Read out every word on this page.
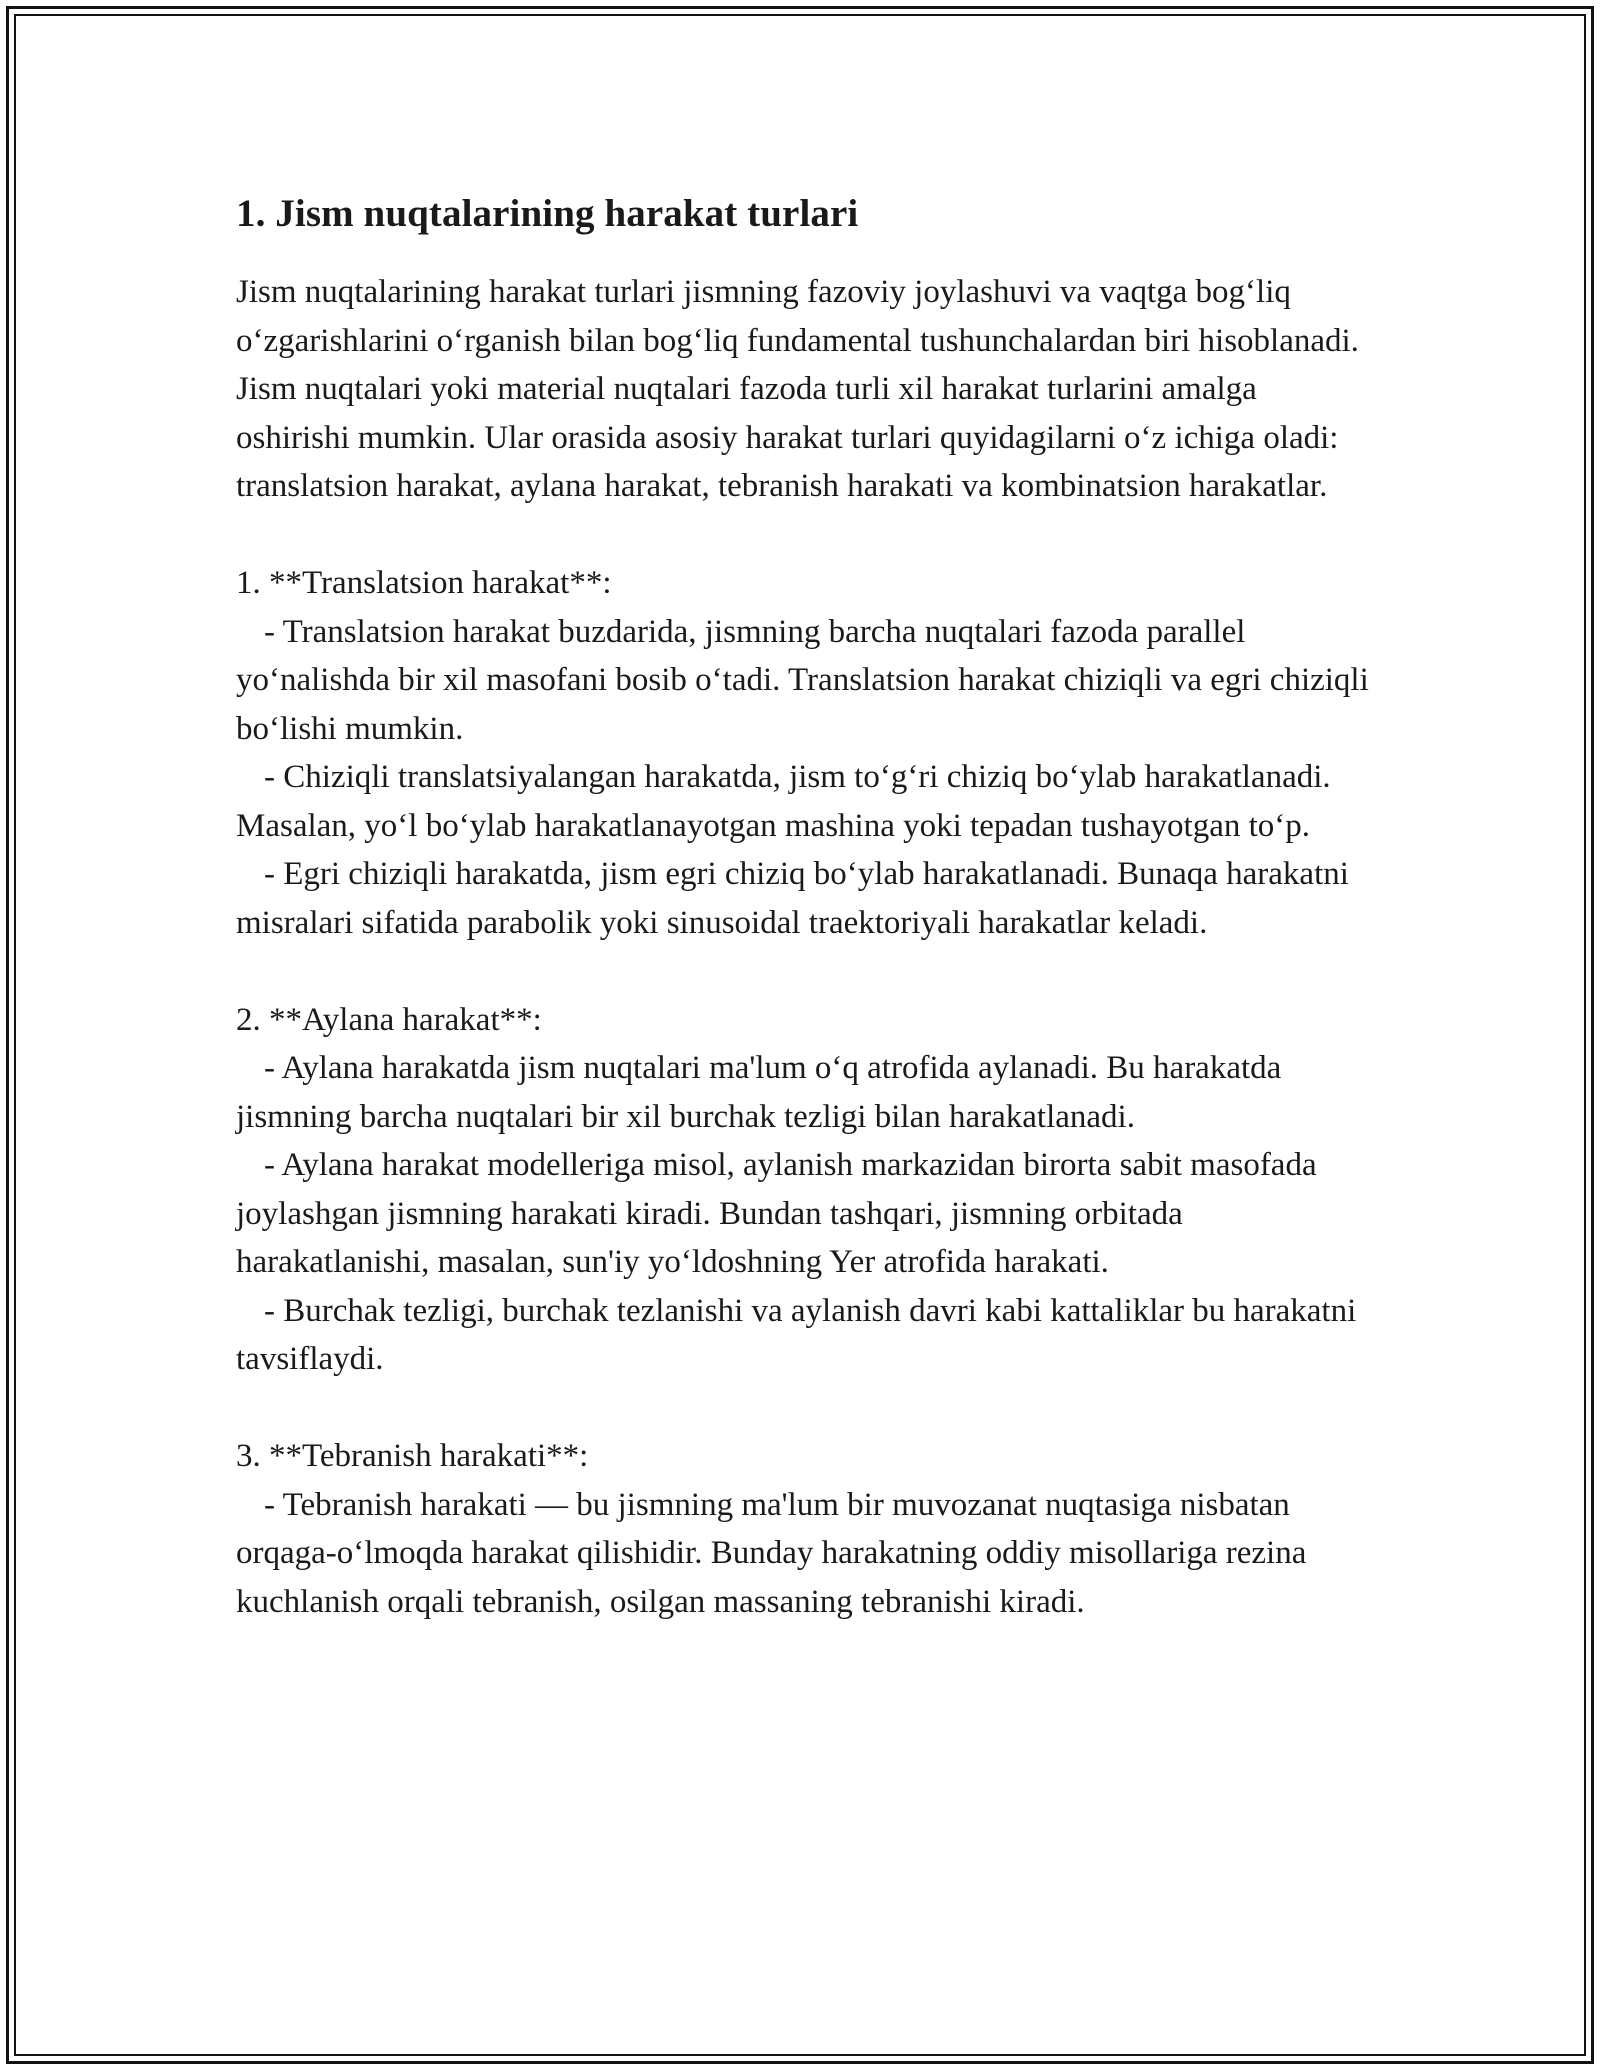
1. Jism nuqtalarining harakat turlari

Jism nuqtalarining harakat turlari jismning fazoviy joylashuvi va vaqtga bog‘liq o‘zgarishlarini o‘rganish bilan bog‘liq fundamental tushunchalardan biri hisoblanadi. Jism nuqtalari yoki material nuqtalari fazoda turli xil harakat turlarini amalga oshirishi mumkin. Ular orasida asosiy harakat turlari quyidagilarni o‘z ichiga oladi: translatsion harakat, aylana harakat, tebranish harakati va kombinatsion harakatlar.

1. **Translatsion harakat**:

- Translatsion harakat buzdarida, jismning barcha nuqtalari fazoda parallel yo‘nalishda bir xil masofani bosib o‘tadi. Translatsion harakat chiziqli va egri chiziqli bo‘lishi mumkin.

- Chiziqli translatsiyalangan harakatda, jism to‘g‘ri chiziq bo‘ylab harakatlanadi. Masalan, yo‘l bo‘ylab harakatlanayotgan mashina yoki tepadan tushayotgan to‘p.

- Egri chiziqli harakatda, jism egri chiziq bo‘ylab harakatlanadi. Bunaqa harakatni misralari sifatida parabolik yoki sinusoidal traektoriyali harakatlar keladi.

2. **Aylana harakat**:

- Aylana harakatda jism nuqtalari ma'lum o‘q atrofida aylanadi. Bu harakatda jismning barcha nuqtalari bir xil burchak tezligi bilan harakatlanadi.

- Aylana harakat modelleriga misol, aylanish markazidan birorta sabit masofada joylashgan jismning harakati kiradi. Bundan tashqari, jismning orbitada harakatlanishi, masalan, sun'iy yo‘ldoshning Yer atrofida harakati.

- Burchak tezligi, burchak tezlanishi va aylanish davri kabi kattaliklar bu harakatni tavsiflaydi.

3. **Tebranish harakati**:

- Tebranish harakati — bu jismning ma'lum bir muvozanat nuqtasiga nisbatan orqaga-o‘lmoqda harakat qilishidir. Bunday harakatning oddiy misollariga rezina kuchlanish orqali tebranish, osilgan massaning tebranishi kiradi.
